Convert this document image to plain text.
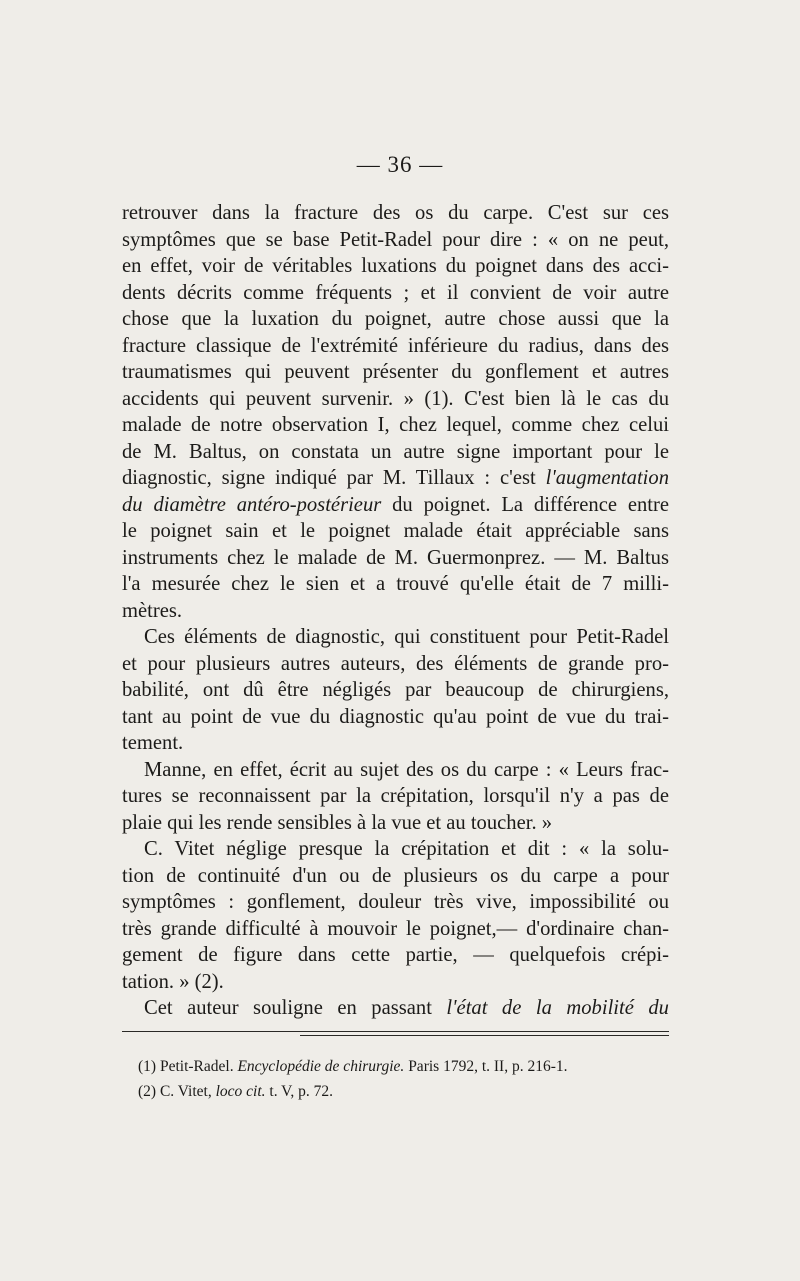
— 36 —
retrouver dans la fracture des os du carpe. C'est sur ces
symptômes que se base Petit-Radel pour dire : « on ne peut,
en effet, voir de véritables luxations du poignet dans des acci-
dents décrits comme fréquents ; et il convient de voir autre
chose que la luxation du poignet, autre chose aussi que la
fracture classique de l'extrémité inférieure du radius, dans des
traumatismes qui peuvent présenter du gonflement et autres
accidents qui peuvent survenir. » (1). C'est bien là le cas du
malade de notre observation I, chez lequel, comme chez celui
de M. Baltus, on constata un autre signe important pour le
diagnostic, signe indiqué par M. Tillaux : c'est l'augmentation
du diamètre antéro-postérieur du poignet. La différence entre
le poignet sain et le poignet malade était appréciable sans
instruments chez le malade de M. Guermonprez. — M. Baltus
l'a mesurée chez le sien et a trouvé qu'elle était de 7 milli-
mètres.
Ces éléments de diagnostic, qui constituent pour Petit-Radel
et pour plusieurs autres auteurs, des éléments de grande pro-
babilité, ont dû être négligés par beaucoup de chirurgiens,
tant au point de vue du diagnostic qu'au point de vue du trai-
tement.
Manne, en effet, écrit au sujet des os du carpe : « Leurs frac-
tures se reconnaissent par la crépitation, lorsqu'il n'y a pas de
plaie qui les rende sensibles à la vue et au toucher. »
C. Vitet néglige presque la crépitation et dit : « la solu-
tion de continuité d'un ou de plusieurs os du carpe a pour
symptômes : gonflement, douleur très vive, impossibilité ou
très grande difficulté à mouvoir le poignet,— d'ordinaire chan-
gement de figure dans cette partie, — quelquefois crépi-
tation. » (2).
Cet auteur souligne en passant l'état de la mobilité du
(1) Petit-Radel. Encyclopédie de chirurgie. Paris 1792, t. II, p. 216-1.
(2) C. Vitet, loco cit. t. V, p. 72.
